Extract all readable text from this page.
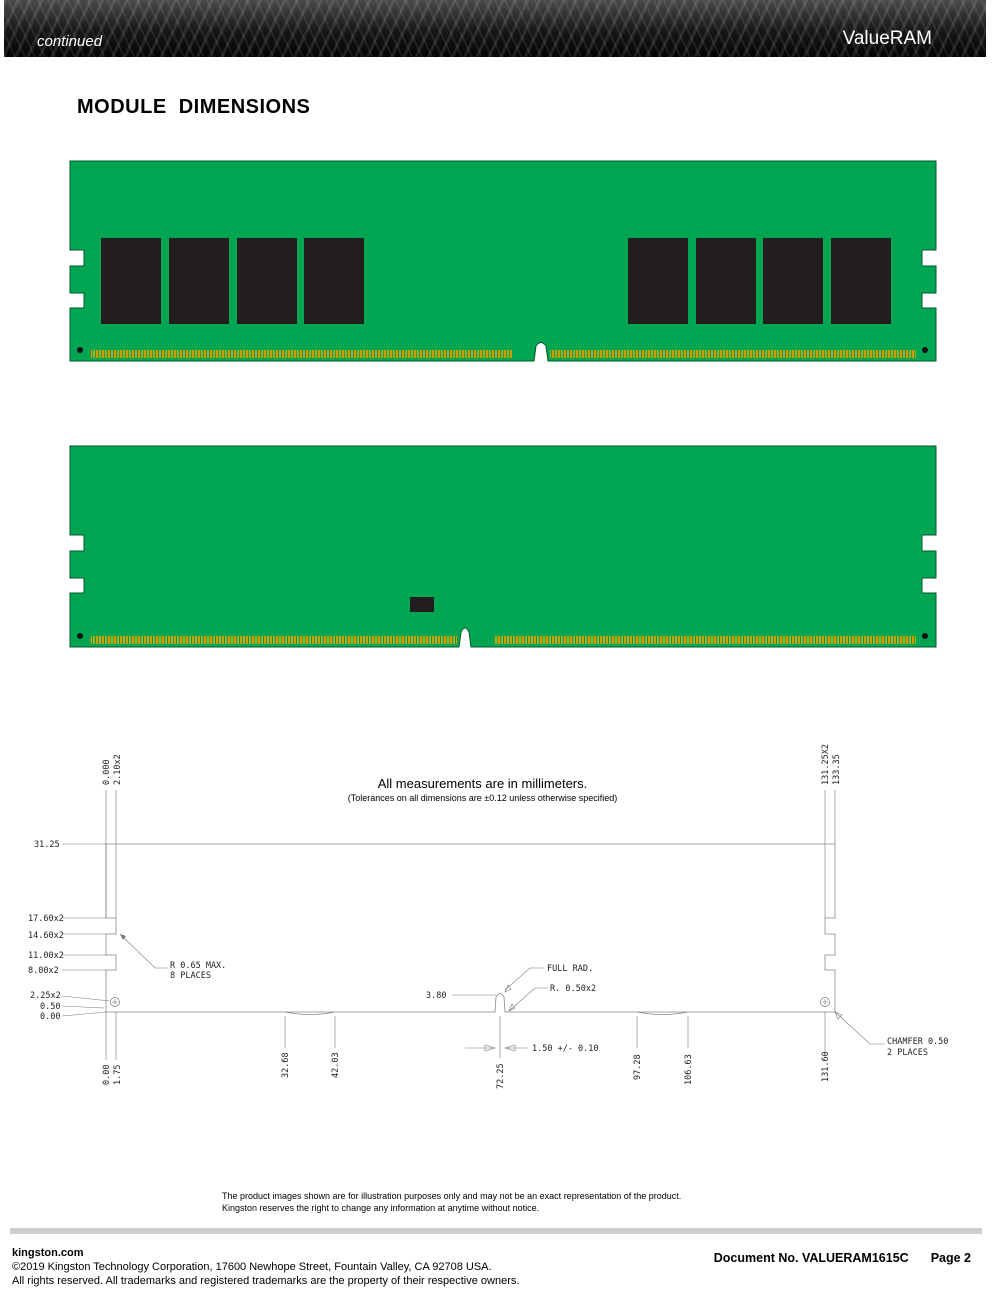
continued	ValueRAM
MODULE DIMENSIONS
All measurements are in millimeters.
(Tolerances on all dimensions are ±0.12 unless otherwise specified)
0.000 2.10x2	131.25X2 133.35
31.25
17.60x2
14.60x2
11.00x2
8.00x2
2.25x2
0.50
0.00
0.00 1.75	32.68	42.03	72.25	97.28	106.63	131.60
R 0.65 MAX.
8 PLACES
FULL RAD.
R. 0.50x2
3.80
1.50 +/- 0.10
CHAMFER 0.50
2 PLACES
The product images shown are for illustration purposes only and may not be an exact representation of the product.
Kingston reserves the right to change any information at anytime without notice.
kingston.com
©2019 Kingston Technology Corporation, 17600 Newhope Street, Fountain Valley, CA 92708 USA.
All rights reserved. All trademarks and registered trademarks are the property of their respective owners.
Document No. VALUERAM1615C Page 2
